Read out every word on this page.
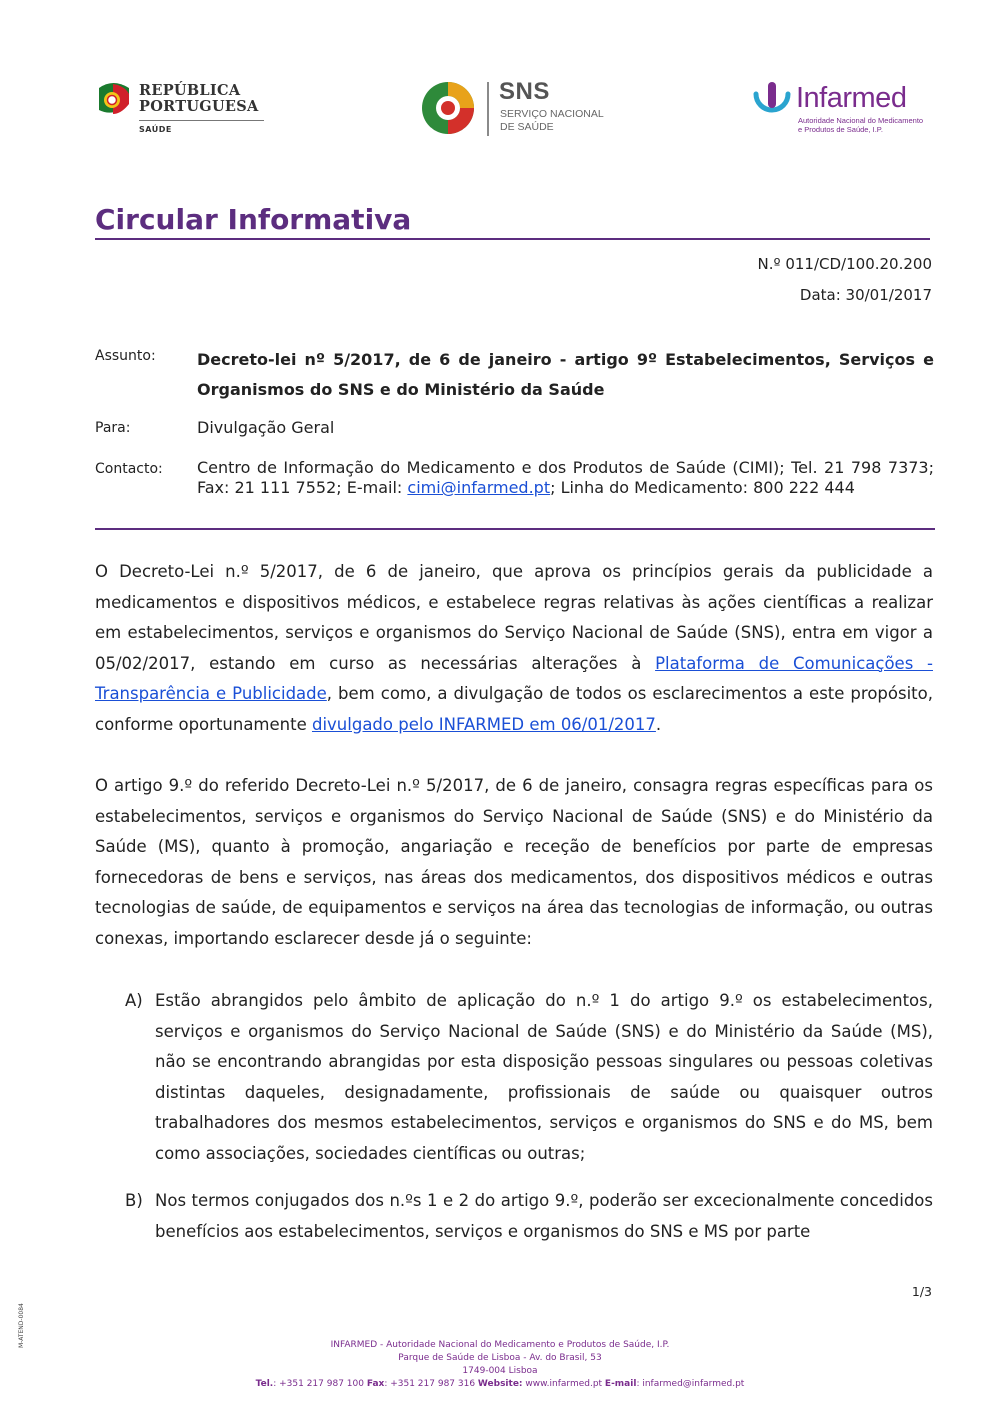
REPÚBLICA
PORTUGUESA
SAÚDE
SNS
SERVIÇO NACIONAL
DE SAÚDE
Infarmed
Autoridade Nacional do Medicamento
e Produtos de Saúde, I.P.
Circular Informativa
N.º 011/CD/100.20.200
Data: 30/01/2017
Assunto:	Decreto-lei nº 5/2017, de 6 de janeiro - artigo 9º Estabelecimentos, Serviços e Organismos do SNS e do Ministério da Saúde
Para:	Divulgação Geral
Contacto: Centro de Informação do Medicamento e dos Produtos de Saúde (CIMI); Tel. 21 798 7373; Fax: 21 111 7552; E-mail: cimi@infarmed.pt; Linha do Medicamento: 800 222 444

O Decreto-Lei n.º 5/2017, de 6 de janeiro, que aprova os princípios gerais da publicidade a medicamentos e dispositivos médicos, e estabelece regras relativas às ações científicas a realizar em estabelecimentos, serviços e organismos do Serviço Nacional de Saúde (SNS), entra em vigor a 05/02/2017, estando em curso as necessárias alterações à Plataforma de Comunicações - Transparência e Publicidade, bem como, a divulgação de todos os esclarecimentos a este propósito, conforme oportunamente divulgado pelo INFARMED em 06/01/2017.

O artigo 9.º do referido Decreto-Lei n.º 5/2017, de 6 de janeiro, consagra regras específicas para os estabelecimentos, serviços e organismos do Serviço Nacional de Saúde (SNS) e do Ministério da Saúde (MS), quanto à promoção, angariação e receção de benefícios por parte de empresas fornecedoras de bens e serviços, nas áreas dos medicamentos, dos dispositivos médicos e outras tecnologias de saúde, de equipamentos e serviços na área das tecnologias de informação, ou outras conexas, importando esclarecer desde já o seguinte:

A) Estão abrangidos pelo âmbito de aplicação do n.º 1 do artigo 9.º os estabelecimentos, serviços e organismos do Serviço Nacional de Saúde (SNS) e do Ministério da Saúde (MS), não se encontrando abrangidas por esta disposição pessoas singulares ou pessoas coletivas distintas daqueles, designadamente, profissionais de saúde ou quaisquer outros trabalhadores dos mesmos estabelecimentos, serviços e organismos do SNS e do MS, bem como associações, sociedades científicas ou outras;
B) Nos termos conjugados dos n.ºs 1 e 2 do artigo 9.º, poderão ser excecionalmente concedidos benefícios aos estabelecimentos, serviços e organismos do SNS e MS por parte
1/3
M-ATEND-0084	INFARMED - Autoridade Nacional do Medicamento e Produtos de Saúde, I.P.
Parque de Saúde de Lisboa - Av. do Brasil, 53
1749-004 Lisboa
Tel.: +351 217 987 100 Fax: +351 217 987 316 Website: www.infarmed.pt E-mail: infarmed@infarmed.pt
